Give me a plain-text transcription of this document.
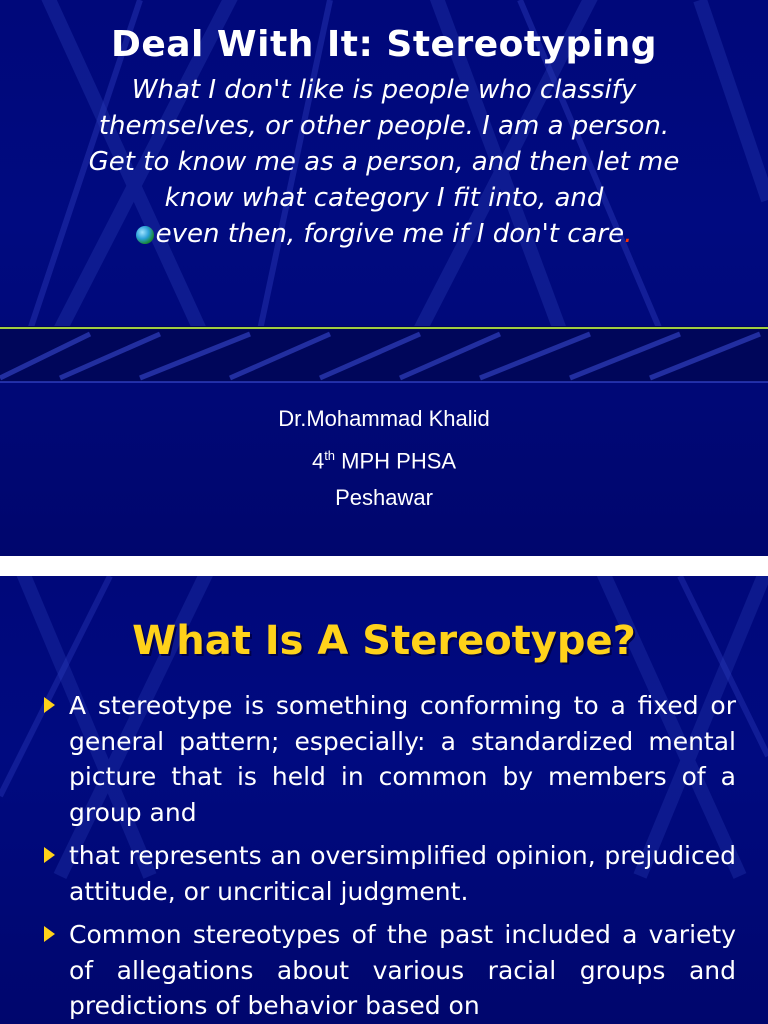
Deal With It: Stereotyping
What I don't like is people who classify
themselves, or other people. I am a person.
Get to know me as a person, and then let me
know what category I fit into, and
even then, forgive me if I don't care.
Dr.Mohammad Khalid
4th MPH PHSA
Peshawar
What Is A Stereotype?
A stereotype is something conforming to a fixed or general pattern; especially: a standardized mental picture that is held in common by members of a group and
that represents an oversimplified opinion, prejudiced attitude, or uncritical judgment.
Common stereotypes of the past included a variety of allegations about various racial groups and predictions of behavior based on
